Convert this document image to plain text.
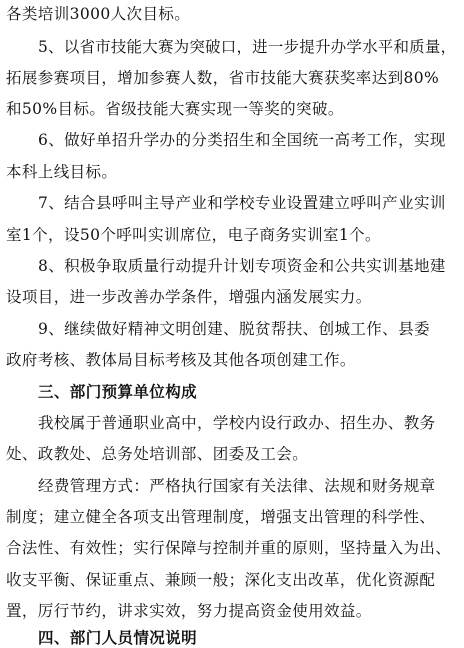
各类培训3000人次目标。
5、以省市技能大赛为突破口，进一步提升办学水平和质量，
拓展参赛项目，增加参赛人数，省市技能大赛获奖率达到80%
和50%目标。省级技能大赛实现一等奖的突破。
6、做好单招升学办的分类招生和全国统一高考工作，实现
本科上线目标。
7、结合县呼叫主导产业和学校专业设置建立呼叫产业实训
室1个，设50个呼叫实训席位，电子商务实训室1个。
8、积极争取质量行动提升计划专项资金和公共实训基地建
设项目，进一步改善办学条件，增强内涵发展实力。
9、继续做好精神文明创建、脱贫帮扶、创城工作、县委
政府考核、教体局目标考核及其他各项创建工作。
三、部门预算单位构成
我校属于普通职业高中，学校内设行政办、招生办、教务
处、政教处、总务处培训部、团委及工会。
经费管理方式：严格执行国家有关法律、法规和财务规章
制度；建立健全各项支出管理制度，增强支出管理的科学性、
合法性、有效性；实行保障与控制并重的原则，坚持量入为出、
收支平衡、保证重点、兼顾一般；深化支出改革，优化资源配
置，厉行节约，讲求实效，努力提高资金使用效益。
四、部门人员情况说明
